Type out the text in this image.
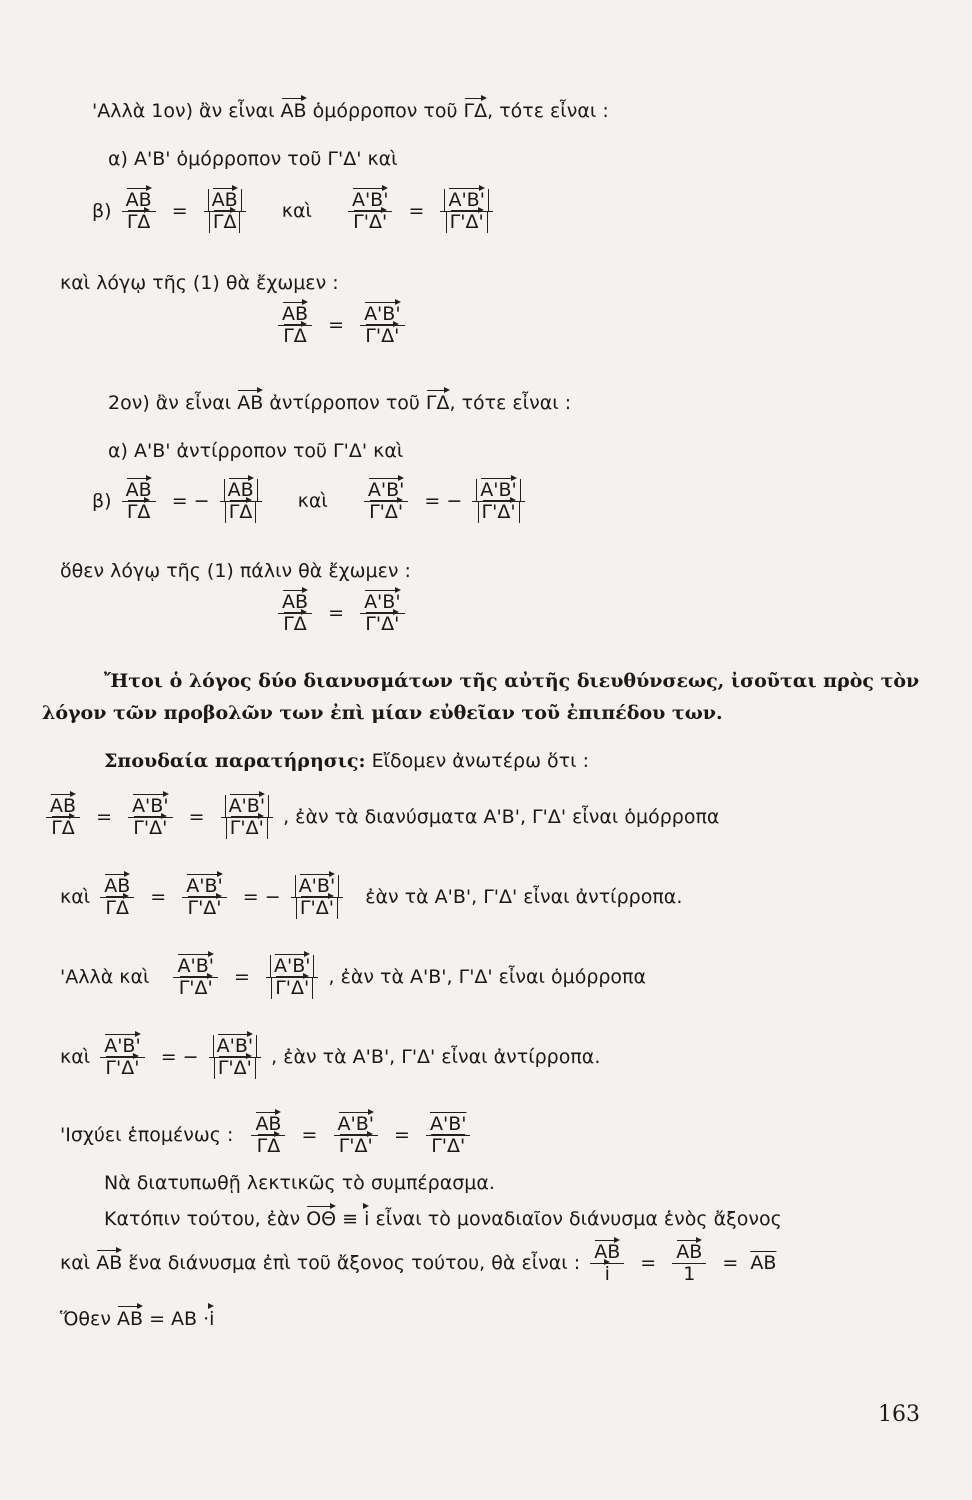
'Αλλὰ 1ον) ἂν εἶναι AB ὁμόρροπον τοῦ ΓΔ, τότε εἶναι :
α) A'B' ὁμόρροπον τοῦ Γ'Δ' καὶ
$\beta) \frac{AB}{\Gamma\Delta} = \frac{AB}{\Gamma\Delta}$ καὶ $\frac{A'B'}{\Gamma'\Delta'} = \frac{A'B'}{\Gamma'\Delta'}$
καὶ λόγῳ τῆς (1) θὰ ἔχωμεν :
$\frac{AB}{\Gamma\Delta} = \frac{A'B'}{\Gamma'\Delta'}$
2ον) ἂν εἶναι AB ἀντίρροπον τοῦ ΓΔ, τότε εἶναι :
α) A'B' ἀντίρροπον τοῦ Γ'Δ' καὶ
$\beta) \frac{AB}{\Gamma\Delta}$ = − $\frac{AB}{\Gamma\Delta}$ καὶ $\frac{A'B'}{\Gamma'\Delta'}$ = − $\frac{A'B'}{\Gamma'\Delta'}$
ὅθεν λόγῳ τῆς (1) πάλιν θὰ ἔχωμεν :
$\frac{AB}{\Gamma\Delta} = \frac{A'B'}{\Gamma'\Delta'}$
Ἤτοι ὁ λόγος δύο διανυσμάτων τῆς αὐτῆς διευθύνσεως, ἰσοῦται πρὸς τὸν
λόγον τῶν προβολῶν των ἐπὶ μίαν εὐθεῖαν τοῦ ἐπιπέδου των.
Σπουδαία παρατήρησις: Εἴδομεν ἀνωτέρω ὅτι :
$\frac{AB}{\Gamma\Delta} = \frac{A'B'}{\Gamma'\Delta'} = \frac{A'B'}{\Gamma'\Delta'}$ , ἐὰν τὰ διανύσματα A'B', Γ'Δ' εἶναι ὁμόρροπα
καὶ $\frac{AB}{\Gamma\Delta} = \frac{A'B'}{\Gamma'\Delta'}$ = − $\frac{A'B'}{\Gamma'\Delta'}$ ἐὰν τὰ A'B', Γ'Δ' εἶναι ἀντίρροπα.
'Αλλὰ καὶ $\frac{A'B'}{\Gamma'\Delta'} = \frac{A'B'}{\Gamma'\Delta'}$ , ἐὰν τὰ A'B', Γ'Δ' εἶναι ὁμόρροπα
καὶ $\frac{A'B'}{\Gamma'\Delta'}$ = − $\frac{A'B'}{\Gamma'\Delta'}$ , ἐὰν τὰ A'B', Γ'Δ' εἶναι ἀντίρροπα.
'Ισχύει ἑπομένως : $\frac{AB}{\Gamma\Delta} = \frac{A'B'}{\Gamma'\Delta'} = \frac{A'B'}{\Gamma'\Delta'}$
Νὰ διατυπωθῇ λεκτικῶς τὸ συμπέρασμα.
Κατόπιν τούτου, ἐὰν OΘ ≡ i εἶναι τὸ μοναδιαῖον διάνυσμα ἑνὸς ἄξονος
καὶ AB ἕνα διάνυσμα ἐπὶ τοῦ ἄξονος τούτου, θὰ εἶναι : $\frac{AB}{i} = \frac{AB}{1} = \overline{AB}$
Ὅθεν AB = AB ·i
163
